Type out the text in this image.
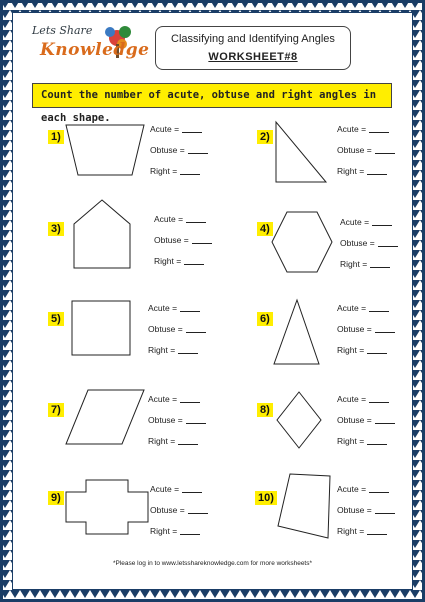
Lets Share
Knowledge
Classifying and Identifying Angles
WORKSHEET#8
Count the number of acute, obtuse and right angles in each shape.
1)
Acute =
Obtuse =
Right =
2)
Acute =
Obtuse =
Right =
3)
Acute =
Obtuse =
Right =
4)
Acute =
Obtuse =
Right =
5)
Acute =
Obtuse =
Right =
6)
Acute =
Obtuse =
Right =
7)
Acute =
Obtuse =
Right =
8)
Acute =
Obtuse =
Right =
9)
Acute =
Obtuse =
Right =
10)
Acute =
Obtuse =
Right =
*Please log in to www.letsshareknowledge.com for more worksheets*
